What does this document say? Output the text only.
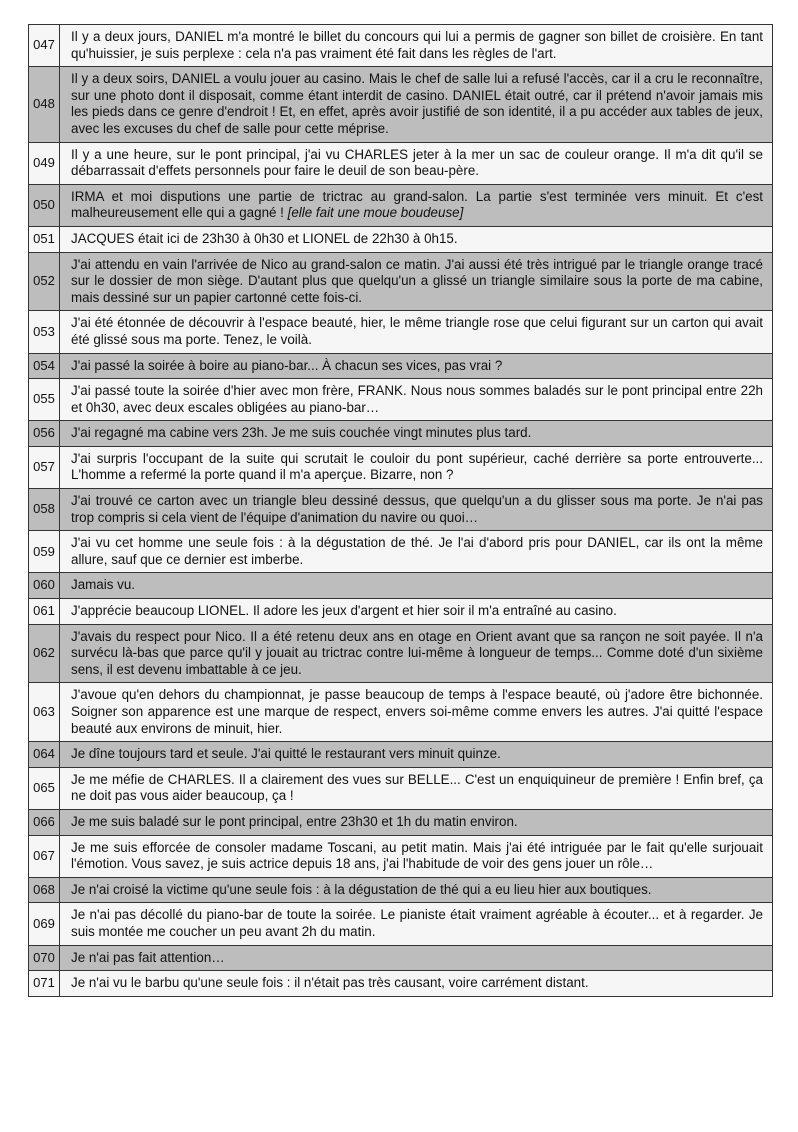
047	Il y a deux jours, DANIEL m'a montré le billet du concours qui lui a permis de gagner son billet de croisière. En tant qu'huissier, je suis perplexe : cela n'a pas vraiment été fait dans les règles de l'art.
048	Il y a deux soirs, DANIEL a voulu jouer au casino. Mais le chef de salle lui a refusé l'accès, car il a cru le reconnaître, sur une photo dont il disposait, comme étant interdit de casino. DANIEL était outré, car il prétend n'avoir jamais mis les pieds dans ce genre d'endroit ! Et, en effet, après avoir justifié de son identité, il a pu accéder aux tables de jeux, avec les excuses du chef de salle pour cette méprise.
049	Il y a une heure, sur le pont principal, j'ai vu CHARLES jeter à la mer un sac de couleur orange. Il m'a dit qu'il se débarrassait d'effets personnels pour faire le deuil de son beau-père.
050	IRMA et moi disputions une partie de trictrac au grand-salon. La partie s'est terminée vers minuit. Et c'est malheureusement elle qui a gagné ! [elle fait une moue boudeuse]
051	JACQUES était ici de 23h30 à 0h30 et LIONEL de 22h30 à 0h15.
052	J'ai attendu en vain l'arrivée de Nico au grand-salon ce matin. J'ai aussi été très intrigué par le triangle orange tracé sur le dossier de mon siège. D'autant plus que quelqu'un a glissé un triangle similaire sous la porte de ma cabine, mais dessiné sur un papier cartonné cette fois-ci.
053	J'ai été étonnée de découvrir à l'espace beauté, hier, le même triangle rose que celui figurant sur un carton qui avait été glissé sous ma porte. Tenez, le voilà.
054	J'ai passé la soirée à boire au piano-bar... À chacun ses vices, pas vrai ?
055	J'ai passé toute la soirée d'hier avec mon frère, FRANK. Nous nous sommes baladés sur le pont principal entre 22h et 0h30, avec deux escales obligées au piano-bar…
056	J'ai regagné ma cabine vers 23h. Je me suis couchée vingt minutes plus tard.
057	J'ai surpris l'occupant de la suite qui scrutait le couloir du pont supérieur, caché derrière sa porte entrouverte... L'homme a refermé la porte quand il m'a aperçue. Bizarre, non ?
058	J'ai trouvé ce carton avec un triangle bleu dessiné dessus, que quelqu'un a du glisser sous ma porte. Je n'ai pas trop compris si cela vient de l'équipe d'animation du navire ou quoi…
059	J'ai vu cet homme une seule fois : à la dégustation de thé. Je l'ai d'abord pris pour DANIEL, car ils ont la même allure, sauf que ce dernier est imberbe.
060	Jamais vu.
061	J'apprécie beaucoup LIONEL. Il adore les jeux d'argent et hier soir il m'a entraîné au casino.
062	J'avais du respect pour Nico. Il a été retenu deux ans en otage en Orient avant que sa rançon ne soit payée. Il n'a survécu là-bas que parce qu'il y jouait au trictrac contre lui-même à longueur de temps... Comme doté d'un sixième sens, il est devenu imbattable à ce jeu.
063	J'avoue qu'en dehors du championnat, je passe beaucoup de temps à l'espace beauté, où j'adore être bichonnée. Soigner son apparence est une marque de respect, envers soi-même comme envers les autres. J'ai quitté l'espace beauté aux environs de minuit, hier.
064	Je dîne toujours tard et seule. J'ai quitté le restaurant vers minuit quinze.
065	Je me méfie de CHARLES. Il a clairement des vues sur BELLE... C'est un enquiquineur de première ! Enfin bref, ça ne doit pas vous aider beaucoup, ça !
066	Je me suis baladé sur le pont principal, entre 23h30 et 1h du matin environ.
067	Je me suis efforcée de consoler madame Toscani, au petit matin. Mais j'ai été intriguée par le fait qu'elle surjouait l'émotion. Vous savez, je suis actrice depuis 18 ans, j'ai l'habitude de voir des gens jouer un rôle…
068	Je n'ai croisé la victime qu'une seule fois : à la dégustation de thé qui a eu lieu hier aux boutiques.
069	Je n'ai pas décollé du piano-bar de toute la soirée. Le pianiste était vraiment agréable à écouter... et à regarder. Je suis montée me coucher un peu avant 2h du matin.
070	Je n'ai pas fait attention…
071	Je n'ai vu le barbu qu'une seule fois : il n'était pas très causant, voire carrément distant.
